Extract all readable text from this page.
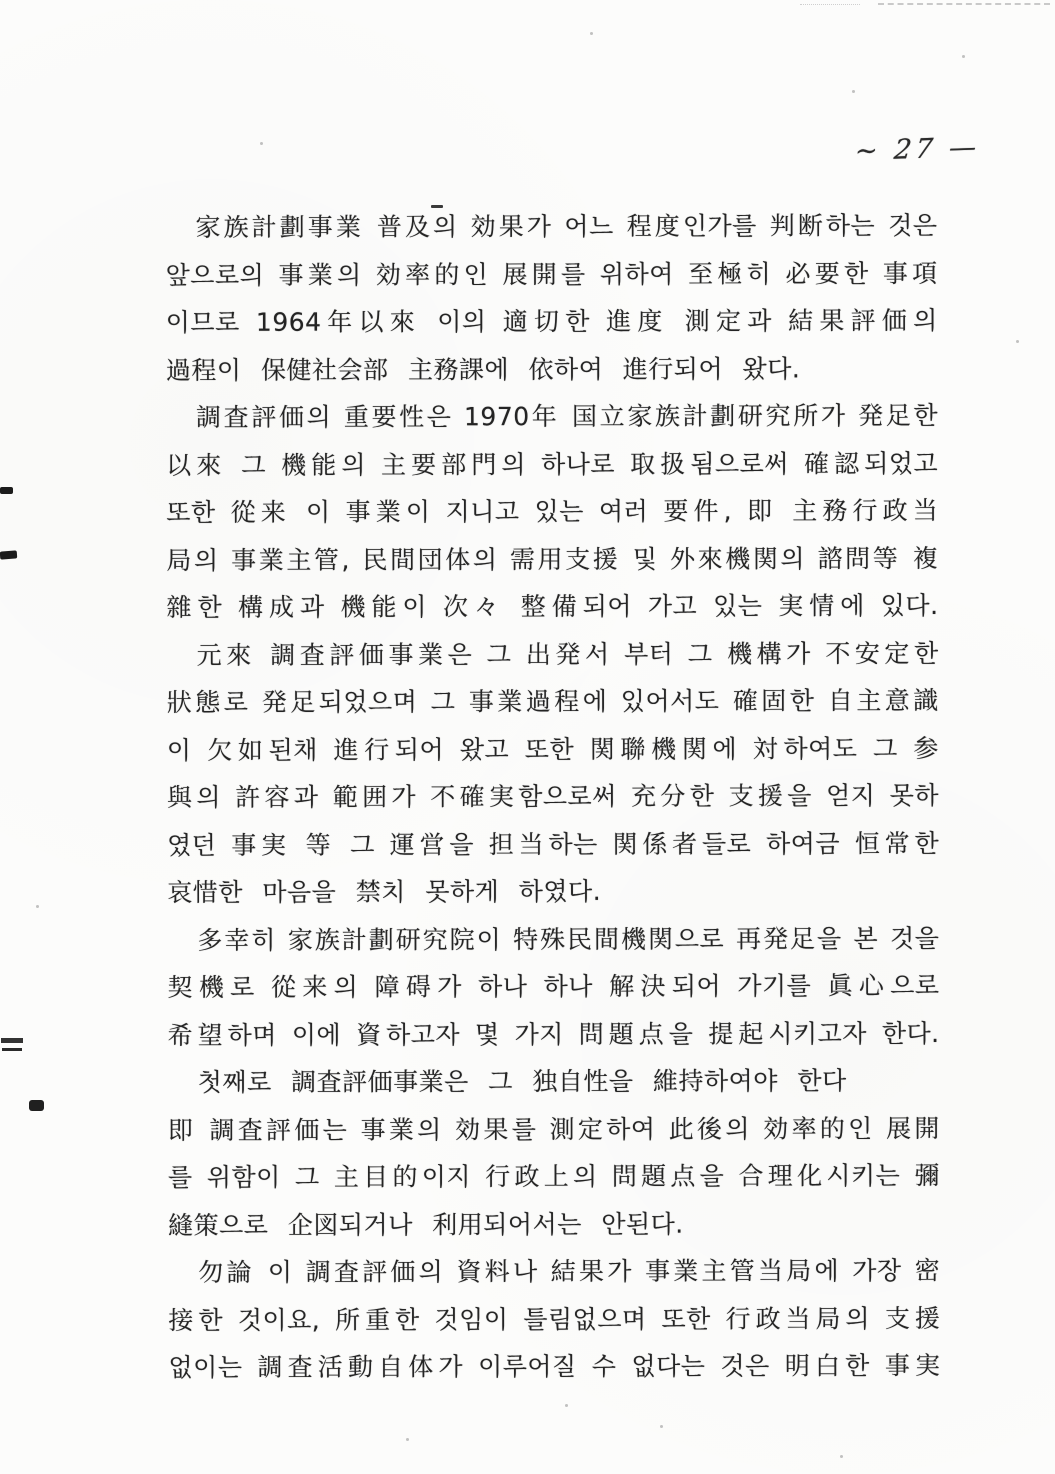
~ 27 —
家族計劃事業 普及의 効果가 어느 程度인가를 判断하는 것은
앞으로의 事業의 効率的인 展開를 위하여 至極히 必要한 事項
이므로 1964年以來 이의 適切한 進度 測定과 結果評価의
過程이 保健社会部 主務課에 依하여 進行되어 왔다.
調査評価의 重要性은 1970年 国立家族計劃研究所가 発足한
以來 그 機能의 主要部門의 하나로 取扱됨으로써 確認되었고
또한 從来 이 事業이 지니고 있는 여러 要件, 即 主務行政当
局의 事業主管, 民間団体의 需用支援 및 外來機関의 諮問等 複
雜한 構成과 機能이 次々 整備되어 가고 있는 実情에 있다.
元來 調査評価事業은 그 出発서 부터 그 機構가 不安定한
狀態로 発足되었으며 그 事業過程에 있어서도 確固한 自主意識
이 欠如된채 進行되어 왔고 또한 関聯機関에 対하여도 그 参
與의 許容과 範囲가 不確実함으로써 充分한 支援을 얻지 못하
였던 事実 等 그 運営을 担当하는 関係者들로 하여금 恒常한
哀惜한 마음을 禁치 못하게 하였다.
多幸히 家族計劃研究院이 特殊民間機関으로 再発足을 본 것을
契機로 從来의 障碍가 하나 하나 解決되어 가기를 眞心으로
希望하며 이에 資하고자 몇 가지 問題点을 提起시키고자 한다.
첫째로 調査評価事業은 그 独自性을 維持하여야 한다
即 調査評価는 事業의 効果를 測定하여 此後의 効率的인 展開
를 위함이 그 主目的이지 行政上의 問題点을 合理化시키는 彌
縫策으로 企図되거나 利用되어서는 안된다.
勿論 이 調査評価의 資料나 結果가 事業主管当局에 가장 密
接한 것이요, 所重한 것임이 틀림없으며 또한 行政当局의 支援
없이는 調査活動自体가 이루어질 수 없다는 것은 明白한 事実
